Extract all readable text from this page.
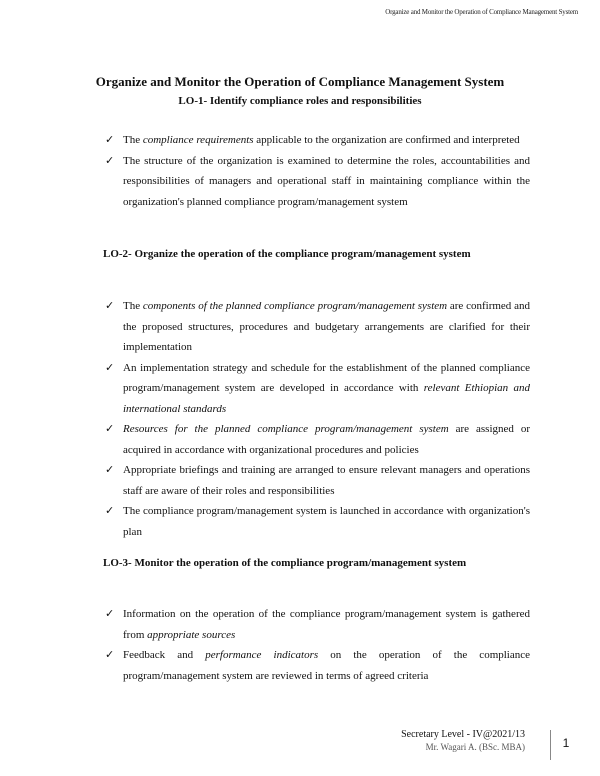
Organize and Monitor the Operation of Compliance Management System
Organize and Monitor the Operation of Compliance Management System
LO-1- Identify compliance roles and responsibilities
✓ The compliance requirements applicable to the organization are confirmed and interpreted
✓ The structure of the organization is examined to determine the roles, accountabilities and responsibilities of managers and operational staff in maintaining compliance within the organization's planned compliance program/management system
LO-2- Organize the operation of the compliance program/management system
✓ The components of the planned compliance program/management system are confirmed and the proposed structures, procedures and budgetary arrangements are clarified for their implementation
✓ An implementation strategy and schedule for the establishment of the planned compliance program/management system are developed in accordance with relevant Ethiopian and international standards
✓ Resources for the planned compliance program/management system are assigned or acquired in accordance with organizational procedures and policies
✓ Appropriate briefings and training are arranged to ensure relevant managers and operations staff are aware of their roles and responsibilities
✓ The compliance program/management system is launched in accordance with organization's plan
LO-3- Monitor the operation of the compliance program/management system
✓ Information on the operation of the compliance program/management system is gathered from appropriate sources
✓ Feedback and performance indicators on the operation of the compliance program/management system are reviewed in terms of agreed criteria
Secretary Level - IV@2021/13
Mr. Wagari A. (BSc. MBA)	1
